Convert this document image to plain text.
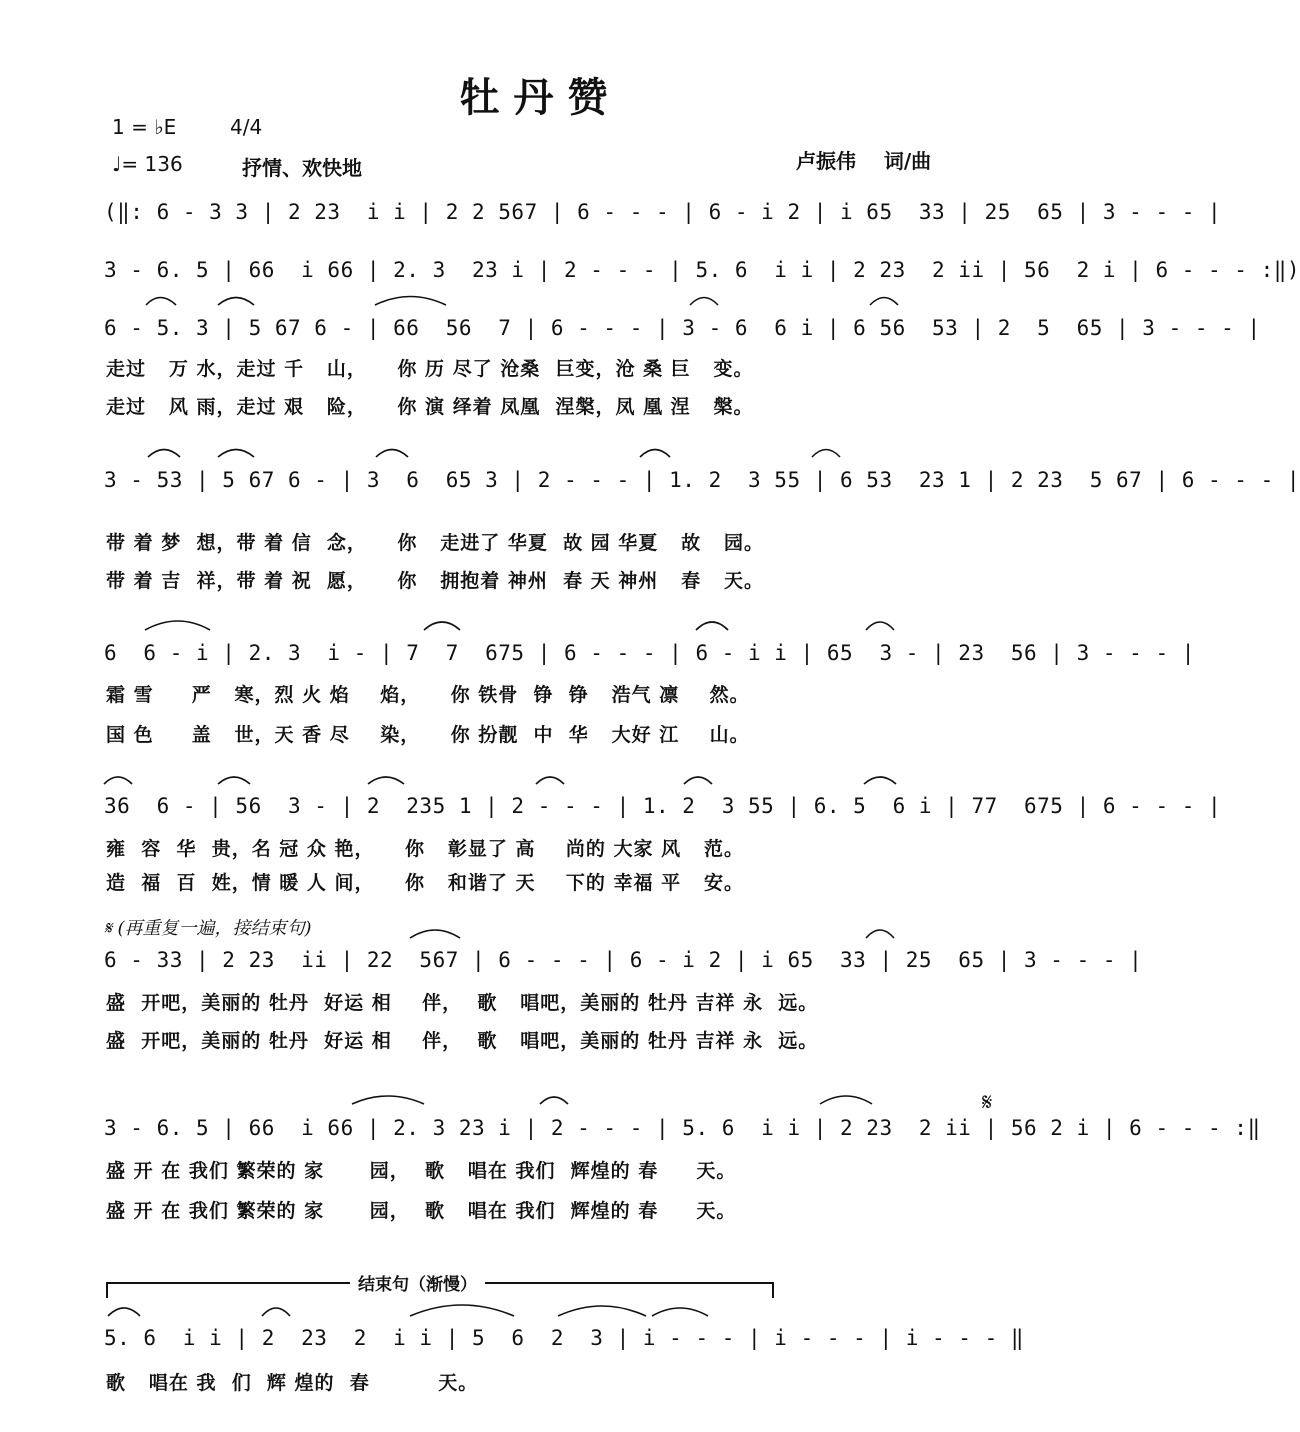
牡丹赞
1 = ♭E	4/4
♩= 136	抒情、欢快地	卢振伟    词/曲
(‖: 6 - 3 3 | 2 23  i i | 2 2 567 | 6 - - - | 6 - i 2 | i 65  33 | 25  65 | 3 - - - |
3 - 6. 5 | 66  i 66 | 2. 3  23 i | 2 - - - | 5. 6  i i | 2 23  2 ii | 56  2 i | 6 - - - :‖)
6 - 5. 3 | 5 67 6 - | 66  56  7 | 6 - - - | 3 - 6  6 i | 6 56  53 | 2  5  65 | 3 - - - |
走过   万 水，走过 千   山，    你 历 尽了 沧桑  巨变，沧 桑 巨   变。
走过   风 雨，走过 艰   险，    你 演 绎着 凤凰  涅槃，凤 凰 涅   槃。
3 - 53 | 5 67 6 - | 3  6  65 3 | 2 - - - | 1. 2  3 55 | 6 53  23 1 | 2 23  5 67 | 6 - - - |
带 着 梦  想，带 着 信  念，    你   走进了 华夏  故 园 华夏   故   园。
带 着 吉  祥，带 着 祝  愿，    你   拥抱着 神州  春 天 神州   春   天。
6  6 - i | 2. 3  i - | 7  7  675 | 6 - - - | 6 - i i | 65  3 - | 23  56 | 3 - - - |
霜 雪     严   寒，烈 火 焰    焰，    你 铁骨  铮  铮   浩气 凛    然。
国 色     盖   世，天 香 尽    染，    你 扮靓  中  华   大好 江    山。
36  6 - | 56  3 - | 2  235 1 | 2 - - - | 1. 2  3 55 | 6. 5  6 i | 77  675 | 6 - - - |
雍  容  华  贵，名 冠 众 艳，    你   彰显了 高    尚的 大家 风   范。
造  福  百  姓，情 暖 人 间，    你   和谐了 天    下的 幸福 平   安。
𝄋 (再重复一遍，接结束句)
6 - 33 | 2 23  ii | 22  567 | 6 - - - | 6 - i 2 | i 65  33 | 25  65 | 3 - - - |
盛  开吧，美丽的 牡丹  好运 相    伴，  歌   唱吧，美丽的 牡丹 吉祥 永  远。
盛  开吧，美丽的 牡丹  好运 相    伴，  歌   唱吧，美丽的 牡丹 吉祥 永  远。
𝄋
3 - 6. 5 | 66  i 66 | 2. 3 23 i | 2 - - - | 5. 6  i i | 2 23  2 ii | 56 2 i | 6 - - - :‖
盛 开 在 我们 繁荣的 家      园，  歌   唱在 我们  辉煌的 春     天。
盛 开 在 我们 繁荣的 家      园，  歌   唱在 我们  辉煌的 春     天。
结束句（渐慢）
5. 6  i i | 2  23  2  i i | 5  6  2  3 | i - - - | i - - - | i - - - ‖
歌   唱在 我  们  辉 煌的  春         天。
